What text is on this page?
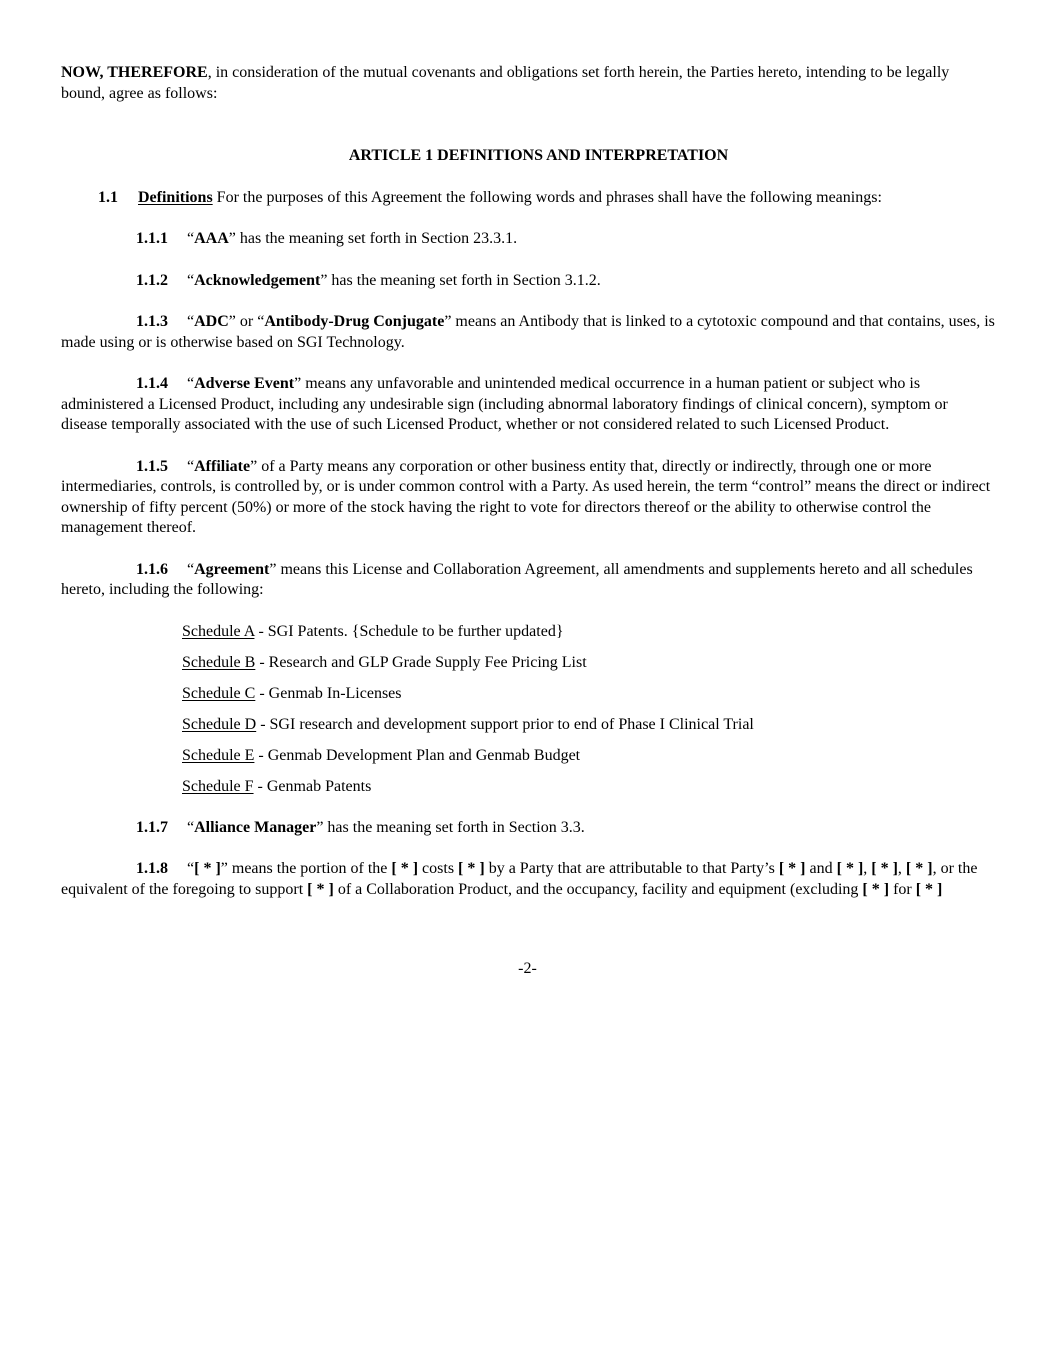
NOW, THEREFORE, in consideration of the mutual covenants and obligations set forth herein, the Parties hereto, intending to be legally bound, agree as follows:

ARTICLE 1 DEFINITIONS AND INTERPRETATION

1.1 Definitions For the purposes of this Agreement the following words and phrases shall have the following meanings:

1.1.1 “AAA” has the meaning set forth in Section 23.3.1.

1.1.2 “Acknowledgement” has the meaning set forth in Section 3.1.2.

1.1.3 “ADC” or “Antibody-Drug Conjugate” means an Antibody that is linked to a cytotoxic compound and that contains, uses, is made using or is otherwise based on SGI Technology.

1.1.4 “Adverse Event” means any unfavorable and unintended medical occurrence in a human patient or subject who is administered a Licensed Product, including any undesirable sign (including abnormal laboratory findings of clinical concern), symptom or disease temporally associated with the use of such Licensed Product, whether or not considered related to such Licensed Product.

1.1.5 “Affiliate” of a Party means any corporation or other business entity that, directly or indirectly, through one or more intermediaries, controls, is controlled by, or is under common control with a Party. As used herein, the term “control” means the direct or indirect ownership of fifty percent (50%) or more of the stock having the right to vote for directors thereof or the ability to otherwise control the management thereof.

1.1.6 “Agreement” means this License and Collaboration Agreement, all amendments and supplements hereto and all schedules hereto, including the following:

Schedule A - SGI Patents. {Schedule to be further updated}
Schedule B - Research and GLP Grade Supply Fee Pricing List
Schedule C - Genmab In-Licenses
Schedule D - SGI research and development support prior to end of Phase I Clinical Trial
Schedule E - Genmab Development Plan and Genmab Budget
Schedule F - Genmab Patents

1.1.7 “Alliance Manager” has the meaning set forth in Section 3.3.

1.1.8 “[ * ]” means the portion of the [ * ] costs [ * ] by a Party that are attributable to that Party’s [ * ] and [ * ], [ * ], [ * ], or the equivalent of the foregoing to support [ * ] of a Collaboration Product, and the occupancy, facility and equipment (excluding [ * ] for [ * ]

-2-
